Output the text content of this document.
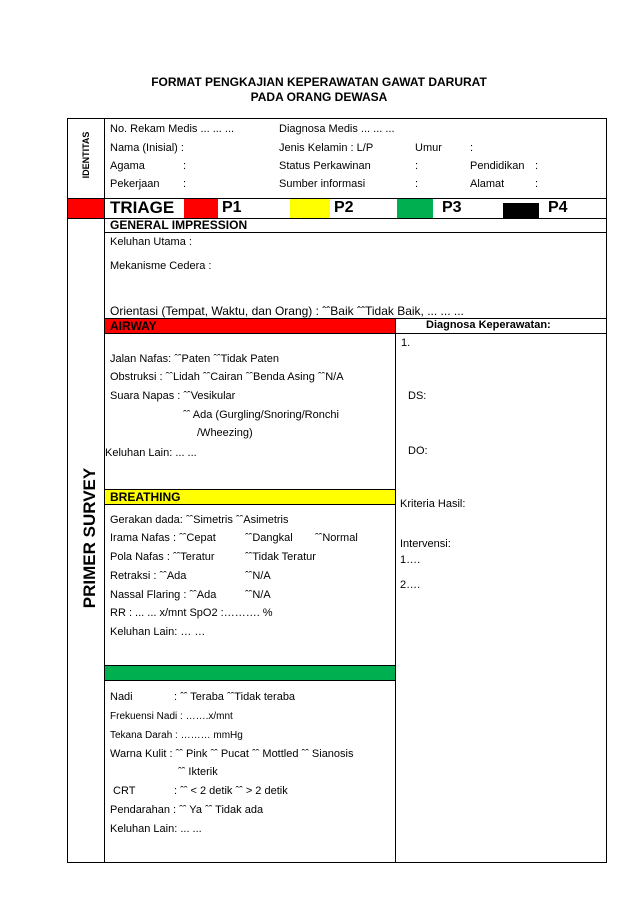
FORMAT PENGKAJIAN KEPERAWATAN GAWAT DARURAT
PADA ORANG DEWASA
IDENTITAS
No. Rekam Medis ... ... ...	Diagnosa Medis ... ... ...
Nama (Inisial) :	Jenis Kelamin : L/P	Umur	:
Agama	:	Status Perkawinan	:	Pendidikan :
Pekerjaan :	Sumber informasi	:	Alamat	:
TRIAGE	P1	P2	P3	P4
PRIMER SURVEY
GENERAL IMPRESSION
Keluhan Utama :
Mekanisme Cedera :
Orientasi (Tempat, Waktu, dan Orang) : ˆˆBaik ˆˆTidak Baik, ... ... ...
AIRWAY	Diagnosa Keperawatan:
Jalan Nafas: ˆˆPaten ˆˆTidak Paten
Obstruksi : ˆˆLidah ˆˆCairan ˆˆBenda Asing ˆˆN/A
Suara Napas : ˆˆVesikular
ˆˆ Ada (Gurgling/Snoring/Ronchi
/Wheezing)
Keluhan Lain: ... ...
1.
DS:
DO:
Kriteria Hasil:
Intervensi:
1….
2….
BREATHING
Gerakan dada: ˆˆSimetris ˆˆAsimetris
Irama Nafas : ˆˆCepat	ˆˆDangkal ˆˆNormal
Pola Nafas : ˆˆTeratur	ˆˆTidak Teratur
Retraksi : ˆˆAda	ˆˆN/A
Nassal Flaring : ˆˆAda	ˆˆN/A
RR : ... ... x/mnt SpO2 :………. %
Keluhan Lain: … …
Nadi	: ˆˆ Teraba ˆˆTidak teraba
Frekuensi Nadi : …….x/mnt
Tekana Darah : ……… mmHg
Warna Kulit : ˆˆ Pink ˆˆ Pucat ˆˆ Mottled ˆˆ Sianosis
ˆˆ Ikterik
CRT	: ˆˆ < 2 detik ˆˆ > 2 detik
Pendarahan : ˆˆ Ya ˆˆ Tidak ada
Keluhan Lain: ... ...
